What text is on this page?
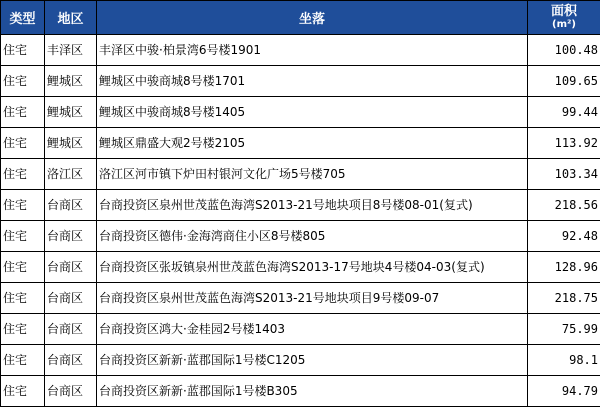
类型	地区	坐落	面积
(m²)

住宅	丰泽区	丰泽区中骏·柏景湾6号楼1901	100.48
住宅	鲤城区	鲤城区中骏商城8号楼1701	109.65
住宅	鲤城区	鲤城区中骏商城8号楼1405	99.44
住宅	鲤城区	鲤城区鼎盛大观2号楼2105	113.92
住宅	洛江区	洛江区河市镇下炉田村银河文化广场5号楼705	103.34
住宅	台商区	台商投资区泉州世茂蓝色海湾S2013-21号地块项目8号楼08-01(复式)	218.56
住宅	台商区	台商投资区德伟·金海湾商住小区8号楼805	92.48
住宅	台商区	台商投资区张坂镇泉州世茂蓝色海湾S2013-17号地块4号楼04-03(复式)	128.96
住宅	台商区	台商投资区泉州世茂蓝色海湾S2013-21号地块项目9号楼09-07	218.75
住宅	台商区	台商投资区鸿大·金桂园2号楼1403	75.99
住宅	台商区	台商投资区新新·蓝郡国际1号楼C1205	98.1
住宅	台商区	台商投资区新新·蓝郡国际1号楼B305	94.79
